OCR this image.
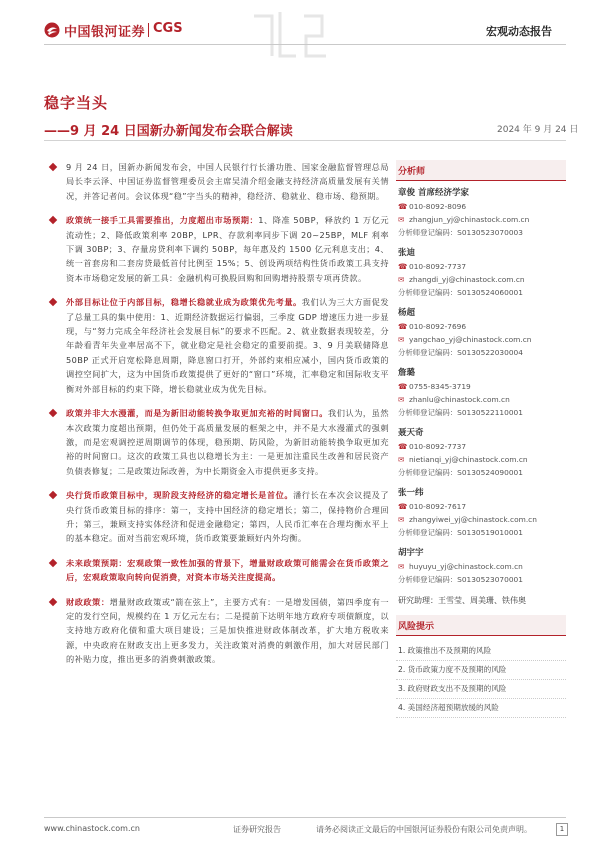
中国银河证券 CGS	宏观动态报告
稳字当头
——9 月 24 日国新办新闻发布会联合解读	2024 年 9 月 24 日
9 月 24 日，国新办新闻发布会，中国人民银行行长潘功胜、国家金融监督管理总局局长李云泽、中国证券监督管理委员会主席吴清介绍金融支持经济高质量发展有关情况，并答记者问。会议体现“稳”字当头的精神，稳经济、稳就业、稳市场、稳预期。
政策统一接手工具需要推出，力度超出市场预期：1、降准 50BP，释放约 1 万亿元流动性；2、降低政策利率 20BP，LPR、存款利率同步下调 20~25BP，MLF 利率下调 30BP；3、存量房贷利率下调约 50BP，每年惠及约 1500 亿元利息支出；4、统一首套房和二套房贷最低首付比例至 15%；5、创设两项结构性货币政策工具支持资本市场稳定发展的新工具：金融机构可换股回购和回购增持股票专项再贷款。
外部目标让位于内部目标，稳增长稳就业成为政策优先考量。我们认为三大方面促发了总量工具的集中使用：1、近期经济数据运行偏弱，三季度 GDP 增速压力进一步显现，与“努力完成全年经济社会发展目标”的要求不匹配。2、就业数据表现较差，分年龄看青年失业率居高不下，就业稳定是社会稳定的重要前提。3、9 月美联储降息 50BP 正式开启宽松降息周期，降息窗口打开，外部约束相应减小，国内货币政策的调控空间扩大，这为中国货币政策提供了更好的“窗口”环境，汇率稳定和国际收支平衡对外部目标的约束下降，增长稳就业成为优先目标。
政策并非大水漫灌，而是为新旧动能转换争取更加充裕的时间窗口。我们认为，虽然本次政策力度超出预期，但仍处于高质量发展的框架之中，并不是大水漫灌式的强刺激，而是宏观调控逆周期调节的体现，稳预期、防风险，为新旧动能转换争取更加充裕的时间窗口。这次的政策工具也以稳增长为主：一是更加注重民生改善和居民资产负债表修复；二是政策边际改善，为中长期资金入市提供更多支持。
央行货币政策目标中，现阶段支持经济的稳定增长是首位。潘行长在本次会议提及了央行货币政策目标的排序：第一，支持中国经济的稳定增长；第二，保持物价合理回升；第三，兼顾支持实体经济和促进金融稳定；第四，人民币汇率在合理均衡水平上的基本稳定。面对当前宏观环境，货币政策要兼顾好内外均衡。
未来政策预期：宏观政策一致性加强的背景下，增量财政政策可能需会在货币政策之后，宏观政策取向转向促消费，对资本市场关注度提高。
财政政策：增量财政政策或“箭在弦上”，主要方式有：一是增发国债，第四季度有一定的发行空间，规模约在 1 万亿元左右；二是提前下达明年地方政府专项债额度，以支持地方政府化债和重大项目建设；三是加快推进财政体制改革，扩大地方税收来源，中央政府在财政支出上更多发力，关注政策对消费的刺激作用，加大对居民部门的补贴力度，推出更多的消费刺激政策。
分析师
章俊 首席经济学家
☎ 010-8092-8096
✉ zhangjun_yj@chinastock.com.cn
分析师登记编码：S0130523070003
张迪
☎ 010-8092-7737
✉ zhangdi_yj@chinastock.com.cn
分析师登记编码：S0130524060001
杨超
☎ 010-8092-7696
✉ yangchao_yj@chinastock.com.cn
分析师登记编码：S0130522030004
詹璐
☎ 0755-8345-3719
✉ zhanlu@chinastock.com.cn
分析师登记编码：S0130522110001
聂天奇
☎ 010-8092-7737
✉ nietianqi_yj@chinastock.com.cn
分析师登记编码：S0130524090001
张一纬
☎ 010-8092-7617
✉ zhangyiwei_yj@chinastock.com.cn
分析师登记编码：S0130519010001
胡宇宇
✉ huyuyu_yj@chinastock.com.cn
分析师登记编码：S0130523070001
研究助理：王雪莹、周美珊、铁伟奥
风险提示
1. 政策推出不及预期的风险
2. 货币政策力度不及预期的风险
3. 政府财政支出不及预期的风险
4. 美国经济超预期放缓的风险
www.chinastock.com.cn	证券研究报告	请务必阅读正文最后的中国银河证券股份有限公司免责声明。	1
